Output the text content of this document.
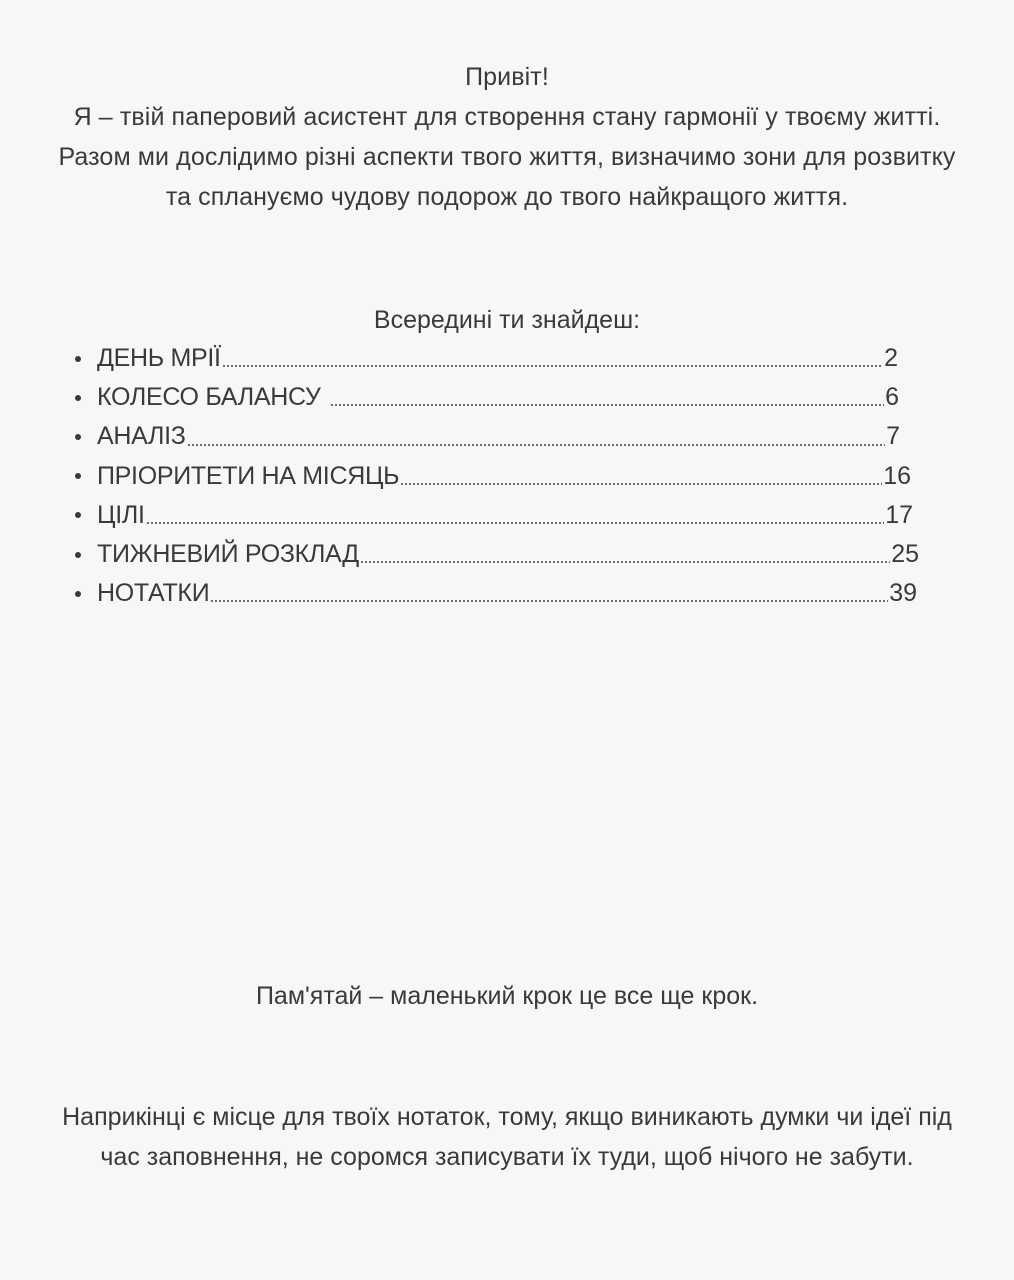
Привіт!

Я – твій паперовий асистент для створення стану гармонії у твоєму житті. Разом ми дослідимо різні аспекти твого життя, визначимо зони для розвитку та сплануємо чудову подорож до твого найкращого життя.

Всередині ти знайдеш:
ДЕНЬ МРІЇ	2
КОЛЕСО БАЛАНСУ	6
АНАЛІЗ	7
ПРІОРИТЕТИ НА МІСЯЦЬ	16
ЦІЛІ	17
ТИЖНЕВИЙ РОЗКЛАД	25
НОТАТКИ	39
Пам'ятай – маленький крок це все ще крок.
Наприкінці є місце для твоїх нотаток, тому, якщо виникають думки чи ідеї під час заповнення, не соромся записувати їх туди, щоб нічого не забути.
